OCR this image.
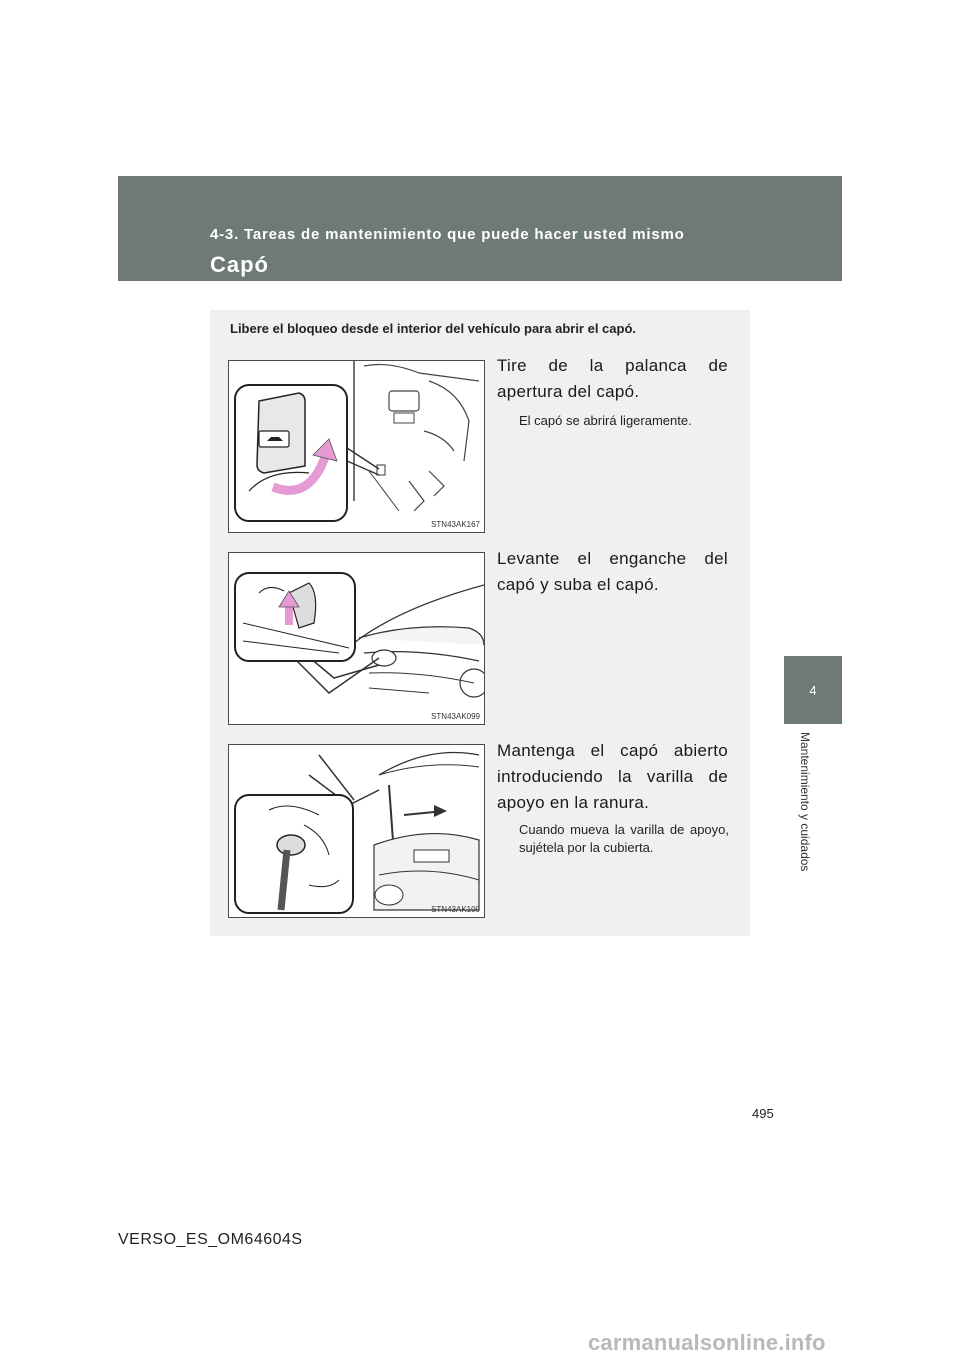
4-3. Tareas de mantenimiento que puede hacer usted mismo
Capó
4
Mantenimiento y cuidados
Libere el bloqueo desde el interior del vehículo para abrir el capó.
STN43AK167
Tire de la palanca de apertura del capó.
El capó se abrirá ligeramente.
STN43AK099
Levante el enganche del capó y suba el capó.
STN43AK100
Mantenga el capó abierto introduciendo la varilla de apoyo en la ranura.
Cuando mueva la varilla de apoyo, sujétela por la cubierta.
495
VERSO_ES_OM64604S
carmanualsonline.info
